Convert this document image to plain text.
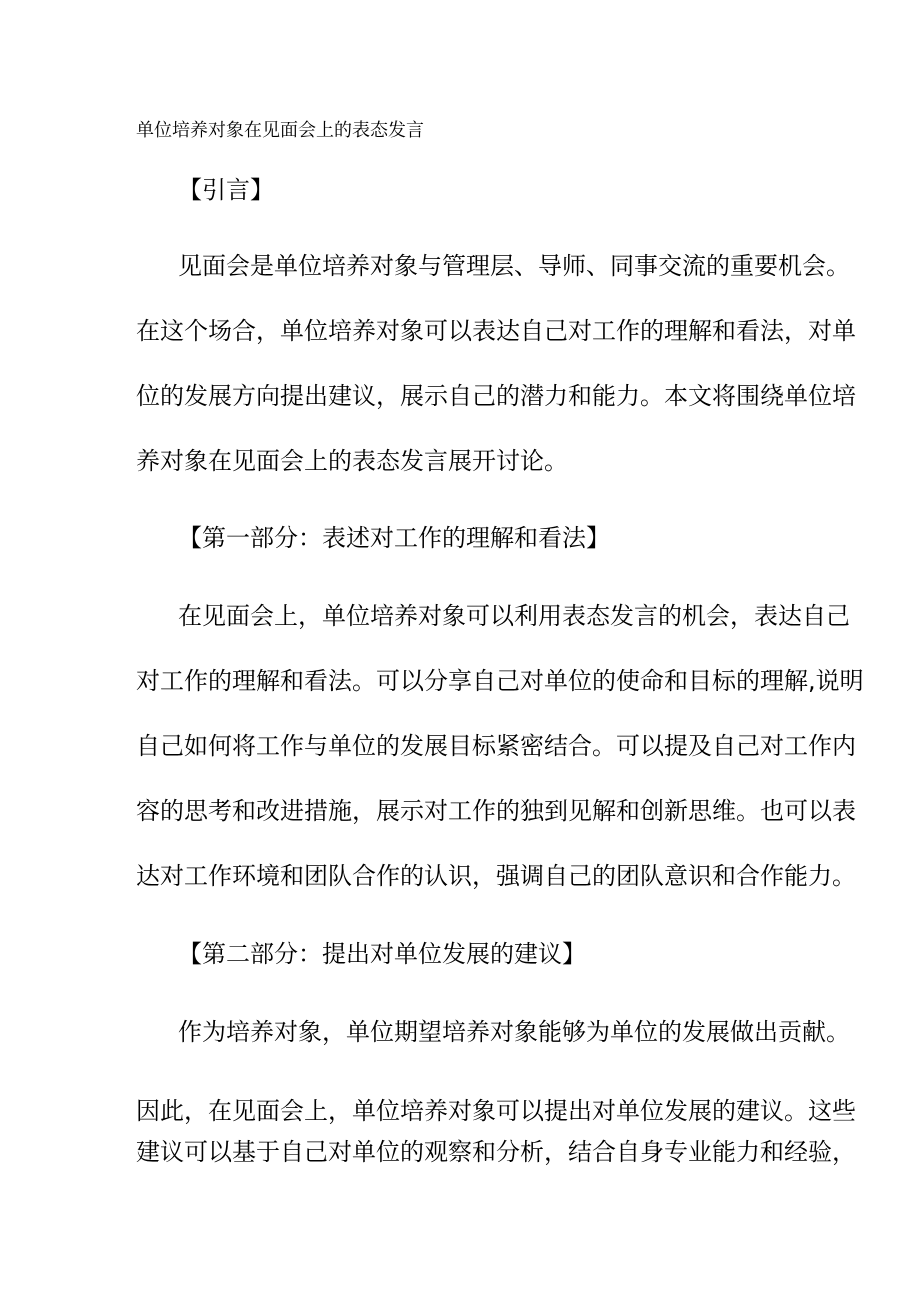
单位培养对象在见面会上的表态发言
【引言】
见面会是单位培养对象与管理层、导师、同事交流的重要机会。
在这个场合，单位培养对象可以表达自己对工作的理解和看法，对单
位的发展方向提出建议，展示自己的潜力和能力。本文将围绕单位培
养对象在见面会上的表态发言展开讨论。
【第一部分：表述对工作的理解和看法】
在见面会上，单位培养对象可以利用表态发言的机会，表达自己
对工作的理解和看法。可以分享自己对单位的使命和目标的理解,说明
自己如何将工作与单位的发展目标紧密结合。可以提及自己对工作内
容的思考和改进措施，展示对工作的独到见解和创新思维。也可以表
达对工作环境和团队合作的认识，强调自己的团队意识和合作能力。
【第二部分：提出对单位发展的建议】
作为培养对象，单位期望培养对象能够为单位的发展做出贡献。
因此，在见面会上，单位培养对象可以提出对单位发展的建议。这些
建议可以基于自己对单位的观察和分析，结合自身专业能力和经验，
